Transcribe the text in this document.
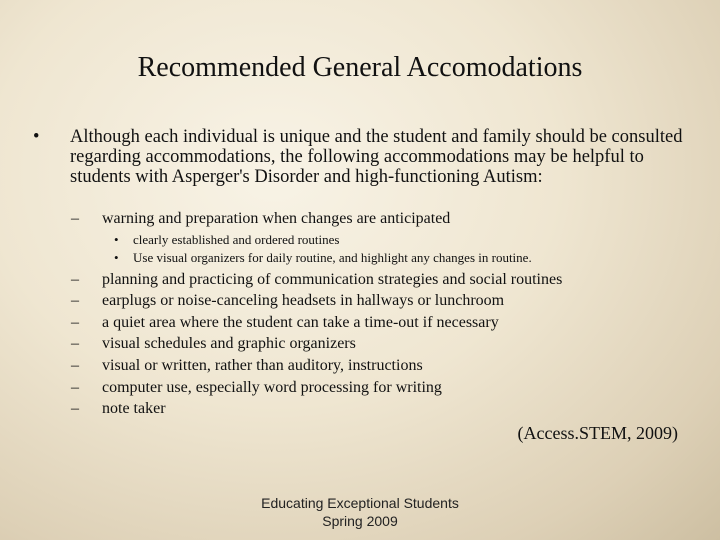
Recommended General Accomodations
•	Although each individual is unique and the student and family should be consulted regarding accommodations, the following accommodations may be helpful to students with Asperger's Disorder and high-functioning Autism:
–	warning and preparation when changes are anticipated
•	clearly established and ordered routines
•	Use visual organizers for daily routine, and highlight any changes in routine.
–	planning and practicing of communication strategies and social routines
–	earplugs or noise-canceling headsets in hallways or lunchroom
–	a quiet area where the student can take a time-out if necessary
–	visual schedules and graphic organizers
–	visual or written, rather than auditory, instructions
–	computer use, especially word processing for writing
–	note taker
(Access.STEM, 2009)
Educating Exceptional Students
Spring 2009
